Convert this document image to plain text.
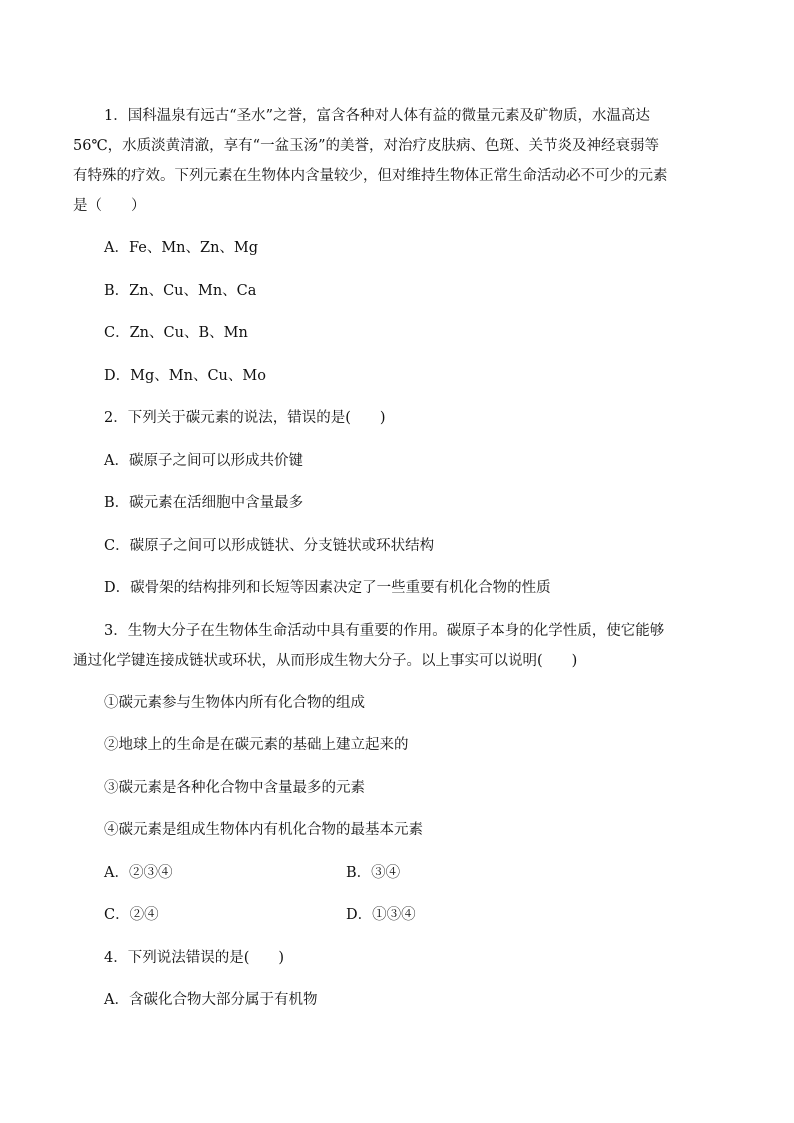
1．国科温泉有远古“圣水”之誉，富含各种对人体有益的微量元素及矿物质，水温高达
56℃，水质淡黄清澈，享有“一盆玉汤”的美誉，对治疗皮肤病、色斑、关节炎及神经衰弱等
有特殊的疗效。下列元素在生物体内含量较少，但对维持生物体正常生命活动必不可少的元素
是（　　）
A．Fe、Mn、Zn、Mg
B．Zn、Cu、Mn、Ca
C．Zn、Cu、B、Mn
D．Mg、Mn、Cu、Mo
2．下列关于碳元素的说法，错误的是(　　)
A．碳原子之间可以形成共价键
B．碳元素在活细胞中含量最多
C．碳原子之间可以形成链状、分支链状或环状结构
D．碳骨架的结构排列和长短等因素决定了一些重要有机化合物的性质
3．生物大分子在生物体生命活动中具有重要的作用。碳原子本身的化学性质，使它能够
通过化学键连接成链状或环状，从而形成生物大分子。以上事实可以说明(　　)
①碳元素参与生物体内所有化合物的组成
②地球上的生命是在碳元素的基础上建立起来的
③碳元素是各种化合物中含量最多的元素
④碳元素是组成生物体内有机化合物的最基本元素
A．②③④	B．③④
C．②④	D．①③④
4．下列说法错误的是(　　)
A．含碳化合物大部分属于有机物
